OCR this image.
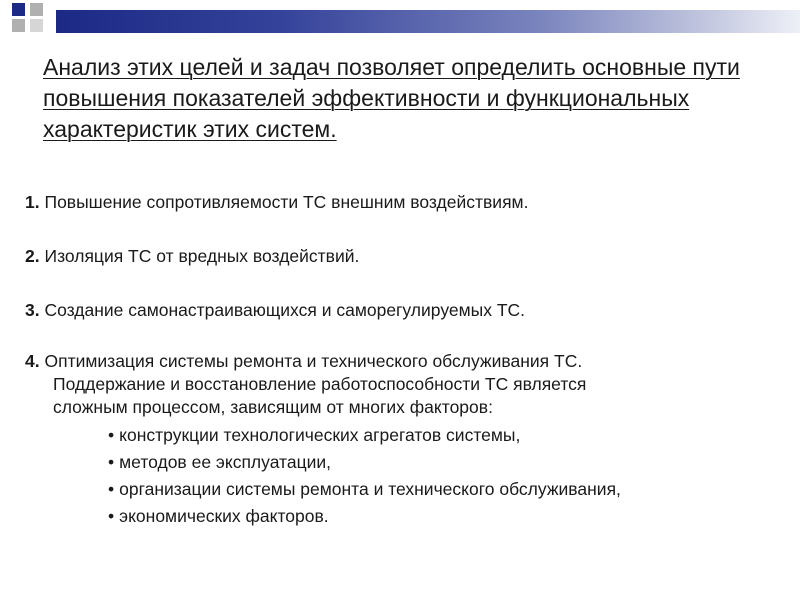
Анализ этих целей и задач позволяет определить основные пути повышения показателей эффективности и функциональных характеристик этих систем.
1. Повышение сопротивляемости ТС внешним воздействиям.
2. Изоляция ТС от вредных воздействий.
3. Создание самонастраивающихся и саморегулируемых ТС.
4. Оптимизация системы ремонта и технического обслуживания ТС.
Поддержание и восстановление работоспособности ТС является
сложным процессом, зависящим от многих факторов:
• конструкции технологических агрегатов системы,
• методов ее эксплуатации,
• организации системы ремонта и технического обслуживания,
• экономических факторов.
